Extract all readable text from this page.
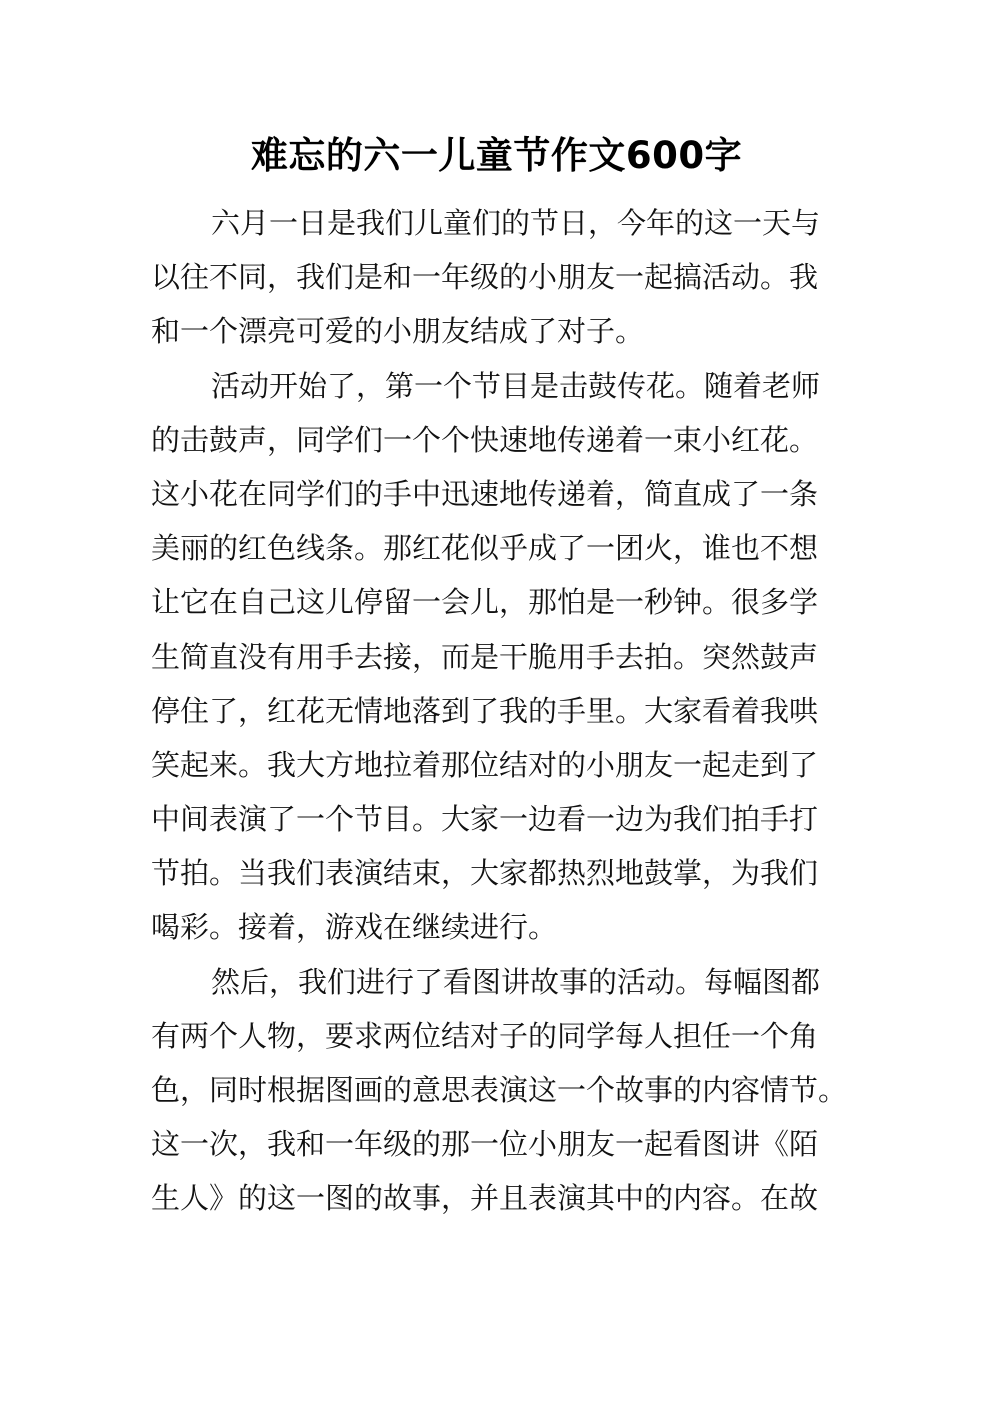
难忘的六一儿童节作文600字
六月一日是我们儿童们的节日，今年的这一天与
以往不同，我们是和一年级的小朋友一起搞活动。我
和一个漂亮可爱的小朋友结成了对子。
活动开始了，第一个节目是击鼓传花。随着老师
的击鼓声，同学们一个个快速地传递着一束小红花。
这小花在同学们的手中迅速地传递着，简直成了一条
美丽的红色线条。那红花似乎成了一团火，谁也不想
让它在自己这儿停留一会儿，那怕是一秒钟。很多学
生简直没有用手去接，而是干脆用手去拍。突然鼓声
停住了，红花无情地落到了我的手里。大家看着我哄
笑起来。我大方地拉着那位结对的小朋友一起走到了
中间表演了一个节目。大家一边看一边为我们拍手打
节拍。当我们表演结束，大家都热烈地鼓掌，为我们
喝彩。接着，游戏在继续进行。
然后，我们进行了看图讲故事的活动。每幅图都
有两个人物，要求两位结对子的同学每人担任一个角
色，同时根据图画的意思表演这一个故事的内容情节。
这一次，我和一年级的那一位小朋友一起看图讲《陌
生人》的这一图的故事，并且表演其中的内容。在故
